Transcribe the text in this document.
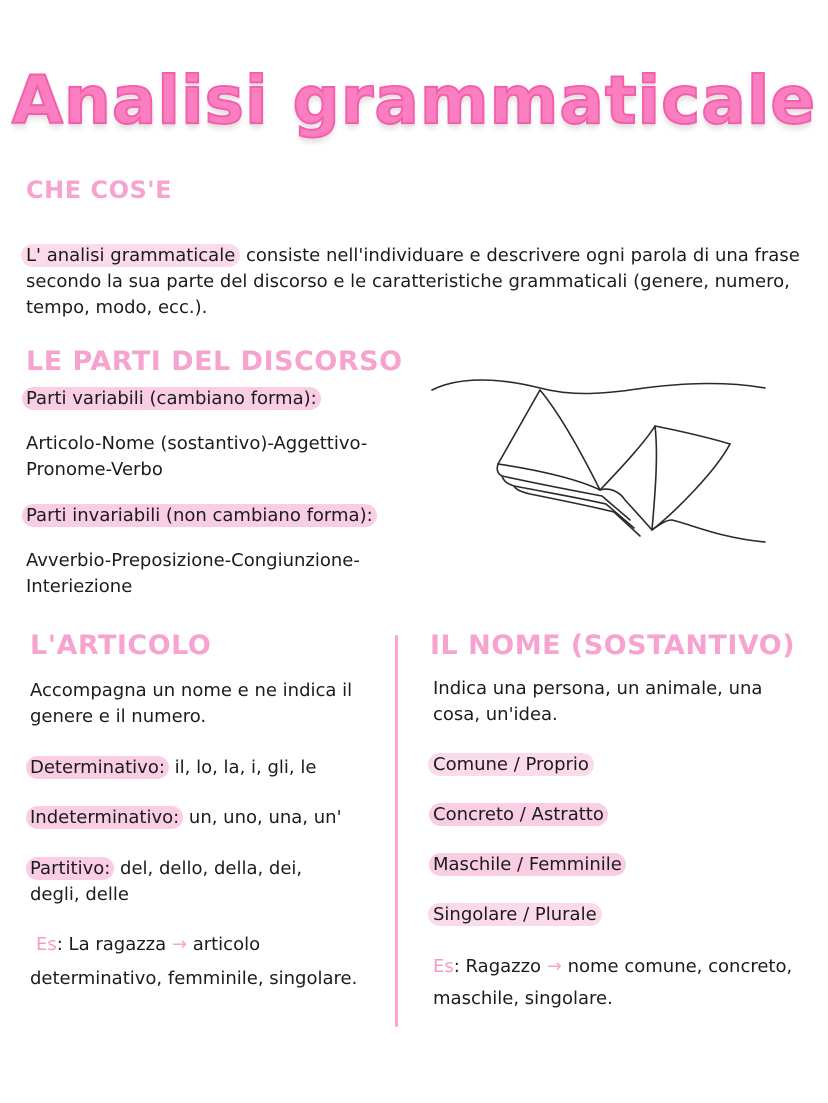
Analisi grammaticale
CHE COS'E
L' analisi grammaticale consiste nell'individuare e descrivere ogni parola di una frase secondo la sua parte del discorso e le caratteristiche grammaticali (genere, numero, tempo, modo, ecc.).
LE PARTI DEL DISCORSO
Parti variabili (cambiano forma):
Articolo-Nome (sostantivo)-Aggettivo-
Pronome-Verbo
Parti invariabili (non cambiano forma):
Avverbio-Preposizione-Congiunzione-
Interiezione
L'ARTICOLO
Accompagna un nome e ne indica il
genere e il numero.
Determinativo: il, lo, la, i, gli, le
Indeterminativo: un, uno, una, un'
Partitivo: del, dello, della, dei,
degli, delle
Es: La ragazza → articolo
determinativo, femminile, singolare.
IL NOME (SOSTANTIVO)
Indica una persona, un animale, una
cosa, un'idea.
Comune / Proprio
Concreto / Astratto
Maschile / Femminile
Singolare / Plurale
Es: Ragazzo → nome comune, concreto,
maschile, singolare.
